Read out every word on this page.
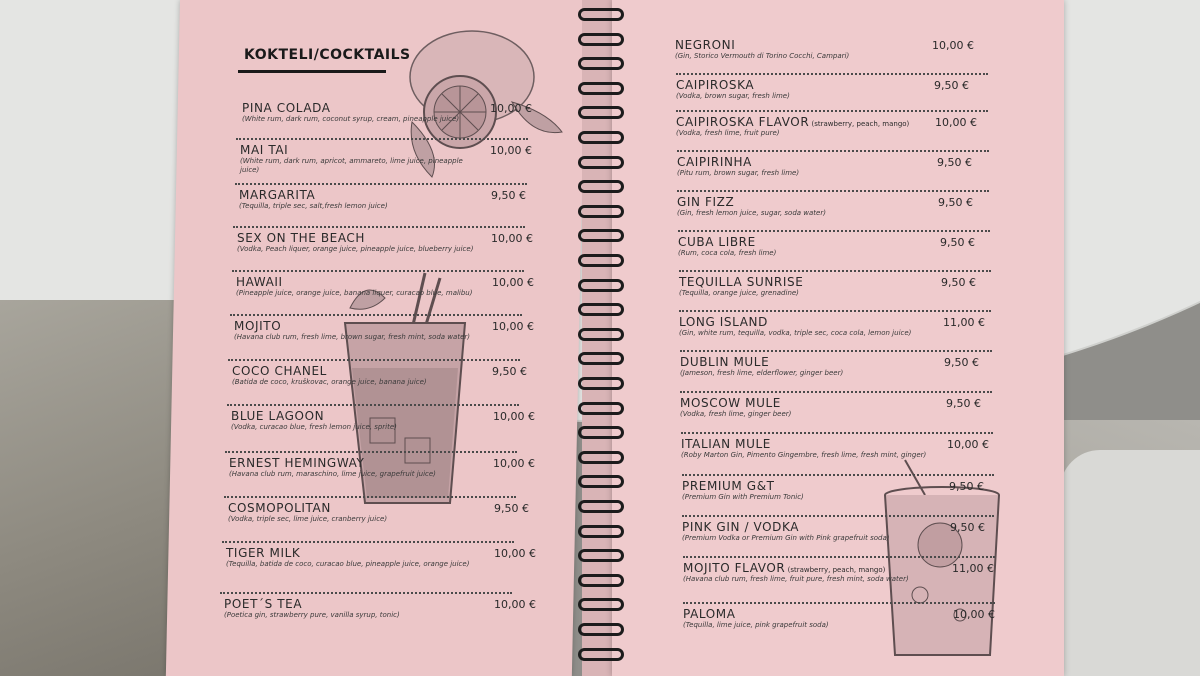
KOKTELI/COCKTAILS
PINA COLADA
(White rum, dark rum, coconut syrup, cream, pineapple juice)
10,00 €
MAI TAI
(White rum, dark rum, apricot, ammareto, lime juice, pineapple juice)
10,00 €
MARGARITA
(Tequilla, triple sec, salt,fresh lemon juice)
9,50 €
SEX ON THE BEACH
(Vodka, Peach liquer, orange juice, pineapple juice, blueberry juice)
10,00 €
HAWAII
(Pineapple juice, orange juice, banana liquer, curacao blue, malibu)
10,00 €
MOJITO
(Havana club rum, fresh lime, brown sugar, fresh mint, soda water)
10,00 €
COCO CHANEL
(Batida de coco, kruškovac, orange juice, banana juice)
9,50 €
BLUE LAGOON
(Vodka, curacao blue, fresh lemon juice, sprite)
10,00 €
ERNEST HEMINGWAY
(Havana club rum, maraschino, lime juice, grapefruit juice)
10,00 €
COSMOPOLITAN
(Vodka, triple sec, lime juice, cranberry juice)
9,50 €
TIGER MILK
(Tequilla, batida de coco, curacao blue, pineapple juice, orange juice)
10,00 €
POET´S TEA
(Poetica gin, strawberry pure, vanilla syrup, tonic)
10,00 €
NEGRONI
(Gin, Storico Vermouth di Torino Cocchi, Campari)
10,00 €
CAIPIROSKA
(Vodka, brown sugar, fresh lime)
9,50 €
CAIPIROSKA FLAVOR (strawberry, peach, mango)
(Vodka, fresh lime, fruit pure)
10,00 €
CAIPIRINHA
(Pitu rum, brown sugar, fresh lime)
9,50 €
GIN FIZZ
(Gin, fresh lemon juice, sugar, soda water)
9,50 €
CUBA LIBRE
(Rum, coca cola, fresh lime)
9,50 €
TEQUILLA SUNRISE
(Tequilla, orange juice, grenadine)
9,50 €
LONG ISLAND
(Gin, white rum, tequilla, vodka, triple sec, coca cola, lemon juice)
11,00 €
DUBLIN MULE
(Jameson, fresh lime, elderflower, ginger beer)
9,50 €
MOSCOW MULE
(Vodka, fresh lime, ginger beer)
9,50 €
ITALIAN MULE
(Roby Marton Gin, Pimento Gingembre, fresh lime, fresh mint, ginger)
10,00 €
PREMIUM G&T
(Premium Gin with Premium Tonic)
9,50 €
PINK GIN / VODKA
(Premium Vodka or Premium Gin with Pink grapefruit soda)
9,50 €
MOJITO FLAVOR (strawberry, peach, mango)
(Havana club rum, fresh lime, fruit pure, fresh mint, soda water)
11,00 €
PALOMA
(Tequilla, lime juice, pink grapefruit soda)
10,00 €
